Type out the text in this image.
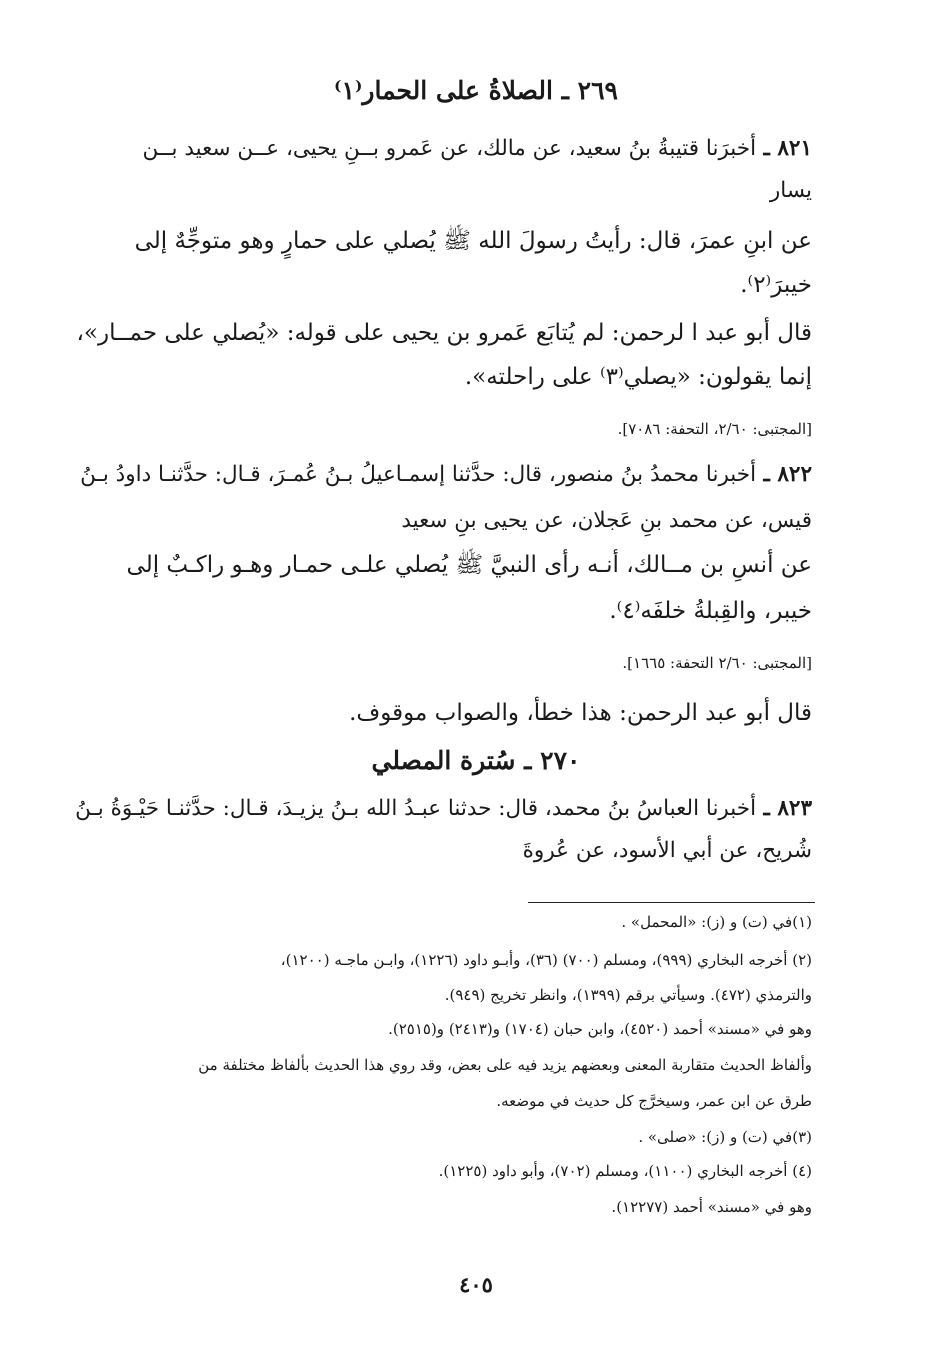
٢٦٩ ـ الصلاةُ على الحمار⁽١⁾
٨٢١ ـ أخبرَنا قتيبةُ بنُ سعيد، عن مالك، عن عَمرو بــنِ يحيى، عــن سعيد بــن
يسار
عن ابنِ عمرَ، قال: رأيتُ رسولَ الله ﷺ يُصلي على حمارٍ وهو متوجِّهٌ إلى
خيبرَ⁽٢⁾.
قال أبو عبد ا لرحمن: لم يُتابَع عَمرو بن يحيى على قوله: «يُصلي على حمــار»،
إنما يقولون: «يصلي⁽٣⁾ على راحلته».
[المجتبى: ٢/٦٠، التحفة: ٧٠٨٦].
٨٢٢ ـ أخبرنا محمدُ بنُ منصور، قال: حدَّثنا إسمـاعيلُ بـنُ عُمـرَ، قـال: حدَّثنـا داودُ بـنُ
قيس، عن محمد بنِ عَجلان، عن يحيى بنِ سعيد
عن أنسِ بن مــالك، أنـه رأى النبيَّ ﷺ يُصلي علـى حمـار وهـو راكـبٌ إلى
خيبر، والقِبلةُ خلفَه⁽٤⁾.
[المجتبى: ٢/٦٠ التحفة: ١٦٦٥].
قال أبو عبد الرحمن: هذا خطأ، والصواب موقوف.
٢٧٠ ـ سُترة المصلي
٨٢٣ ـ أخبرنا العباسُ بنُ محمد، قال: حدثنا عبـدُ الله بـنُ يزيـدَ، قـال: حدَّثنـا حَيْـوَةُ بـنُ
شُريح، عن أبي الأسود، عن عُروةَ
(١)في (ت) و (ز): «المحمل» .
(٢) أخرجه البخاري (٩٩٩)، ومسلم (٧٠٠) (٣٦)، وأبـو داود (١٢٢٦)، وابـن ماجـه (١٢٠٠)،
والترمذي (٤٧٢). وسيأتي برقم (١٣٩٩)، وانظر تخريج (٩٤٩).
وهو في «مسند» أحمد (٤٥٢٠)، وابن حبان (١٧٠٤) و(٢٤١٣) و(٢٥١٥).
وألفاظ الحديث متقاربة المعنى وبعضهم يزيد فيه على بعض، وقد روي هذا الحديث بألفاظ مختلفة من
طرق عن ابن عمر، وسيخرَّج كل حديث في موضعه.
(٣)في (ت) و (ز): «صلى» .
(٤) أخرجه البخاري (١١٠٠)، ومسلم (٧٠٢)، وأبو داود (١٢٢٥).
وهو في «مسند» أحمد (١٢٢٧٧).
٤٠٥
